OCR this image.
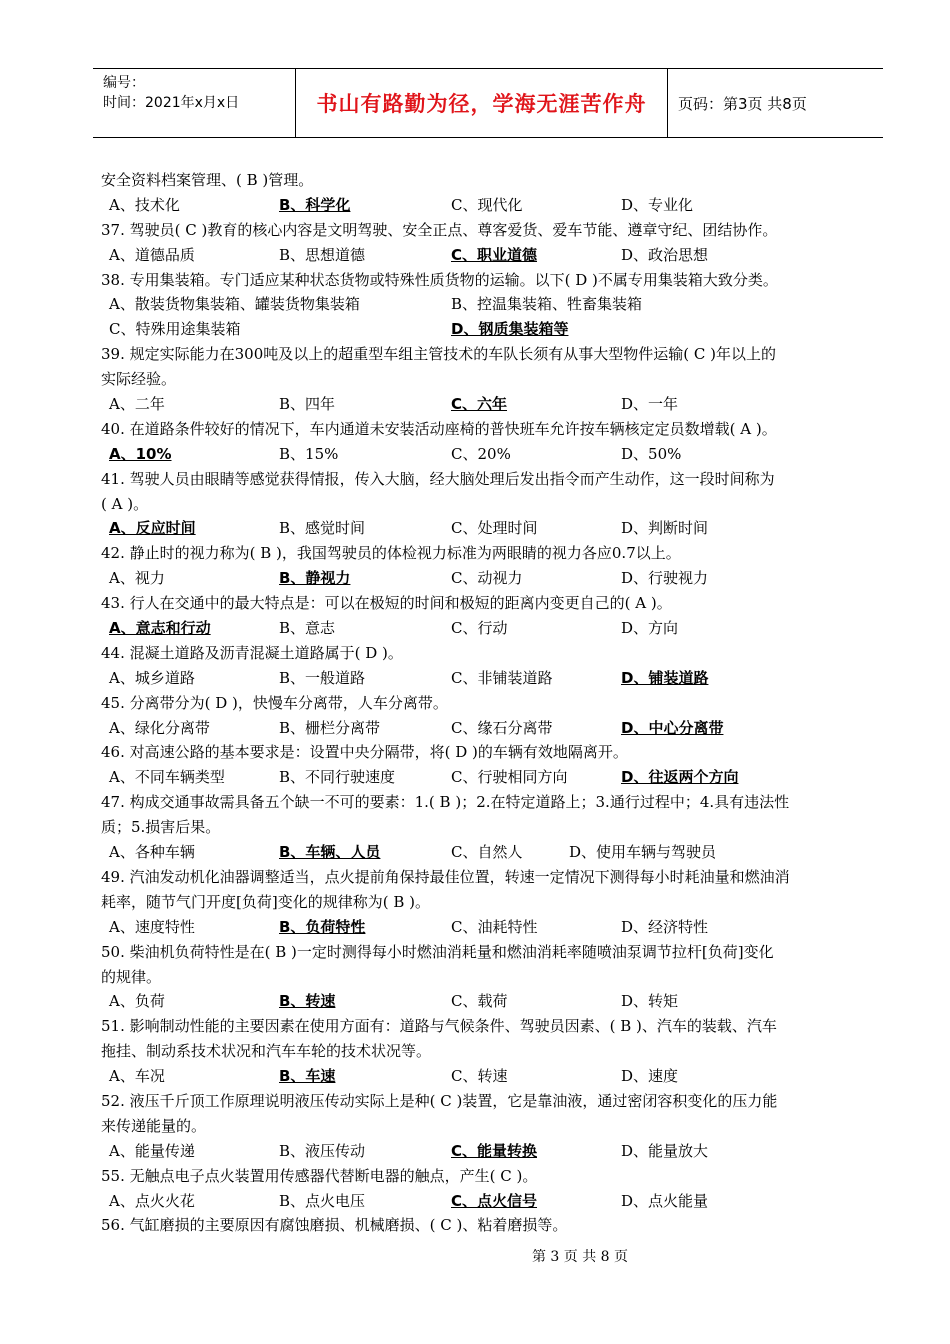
编号：
时间：2021年x月x日	书山有路勤为径，学海无涯苦作舟	页码：第3页 共8页
安全资料档案管理、( B )管理。
A、技术化	B、科学化	C、现代化	D、专业化
37. 驾驶员( C )教育的核心内容是文明驾驶、安全正点、尊客爱货、爱车节能、遵章守纪、团结协作。
A、道德品质	B、思想道德	C、职业道德	D、政治思想
38. 专用集装箱。专门适应某种状态货物或特殊性质货物的运输。以下( D )不属专用集装箱大致分类。
A、散装货物集装箱、罐装货物集装箱	B、控温集装箱、牲畜集装箱
C、特殊用途集装箱	D、钢质集装箱等
39. 规定实际能力在300吨及以上的超重型车组主管技术的车队长须有从事大型物件运输( C )年以上的
实际经验。
A、二年	B、四年	C、六年	D、一年
40. 在道路条件较好的情况下，车内通道未安装活动座椅的普快班车允许按车辆核定定员数增载( A )。
A、10%	B、15%	C、20%	D、50%
41. 驾驶人员由眼睛等感觉获得情报，传入大脑，经大脑处理后发出指令而产生动作，这一段时间称为
( A )。
A、反应时间	B、感觉时间	C、处理时间	D、判断时间
42. 静止时的视力称为( B )，我国驾驶员的体检视力标准为两眼睛的视力各应0.7以上。
A、视力	B、静视力	C、动视力	D、行驶视力
43. 行人在交通中的最大特点是：可以在极短的时间和极短的距离内变更自己的( A )。
A、意志和行动	B、意志	C、行动	D、方向
44. 混凝土道路及沥青混凝土道路属于( D )。
A、城乡道路	B、一般道路	C、非铺装道路	D、铺装道路
45. 分离带分为( D )，快慢车分离带，人车分离带。
A、绿化分离带	B、栅栏分离带	C、缘石分离带	D、中心分离带
46. 对高速公路的基本要求是：设置中央分隔带，将( D )的车辆有效地隔离开。
A、不同车辆类型	B、不同行驶速度	C、行驶相同方向	D、往返两个方向
47. 构成交通事故需具备五个缺一不可的要素：1.( B )；2.在特定道路上；3.通行过程中；4.具有违法性
质；5.损害后果。
A、各种车辆	B、车辆、人员	C、自然人	D、使用车辆与驾驶员
49. 汽油发动机化油器调整适当，点火提前角保持最佳位置，转速一定情况下测得每小时耗油量和燃油消
耗率，随节气门开度[负荷]变化的规律称为( B )。
A、速度特性	B、负荷特性	C、油耗特性	D、经济特性
50. 柴油机负荷特性是在( B )一定时测得每小时燃油消耗量和燃油消耗率随喷油泵调节拉杆[负荷]变化
的规律。
A、负荷	B、转速	C、载荷	D、转矩
51. 影响制动性能的主要因素在使用方面有：道路与气候条件、驾驶员因素、( B )、汽车的装载、汽车
拖挂、制动系技术状况和汽车车轮的技术状况等。
A、车况	B、车速	C、转速	D、速度
52. 液压千斤顶工作原理说明液压传动实际上是种( C )装置，它是靠油液，通过密闭容积变化的压力能
来传递能量的。
A、能量传递	B、液压传动	C、能量转换	D、能量放大
55. 无触点电子点火装置用传感器代替断电器的触点，产生( C )。
A、点火火花	B、点火电压	C、点火信号	D、点火能量
56. 气缸磨损的主要原因有腐蚀磨损、机械磨损、( C )、粘着磨损等。
第 3 页 共 8 页
